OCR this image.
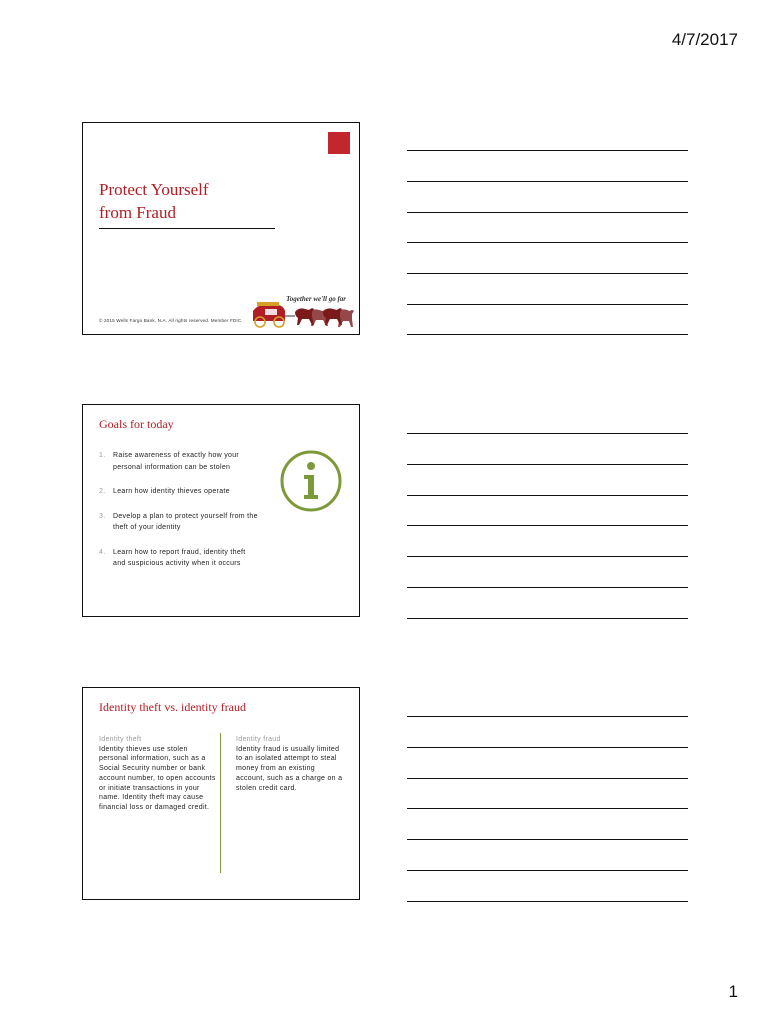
4/7/2017
Protect Yourself
from Fraud
Together we'll go far
© 2015 Wells Fargo Bank, N.A. All rights reserved. Member FDIC.
Goals for today
1. Raise awareness of exactly how your personal information can be stolen
2. Learn how identity thieves operate
3. Develop a plan to protect yourself from the theft of your identity
4. Learn how to report fraud, identity theft and suspicious activity when it occurs
Identity theft vs. identity fraud
Identity theft
Identity thieves use stolen personal information, such as a Social Security number or bank account number, to open accounts or initiate transactions in your name. Identity theft may cause financial loss or damaged credit.
Identity fraud
Identity fraud is usually limited to an isolated attempt to steal money from an existing account, such as a charge on a stolen credit card.
1
